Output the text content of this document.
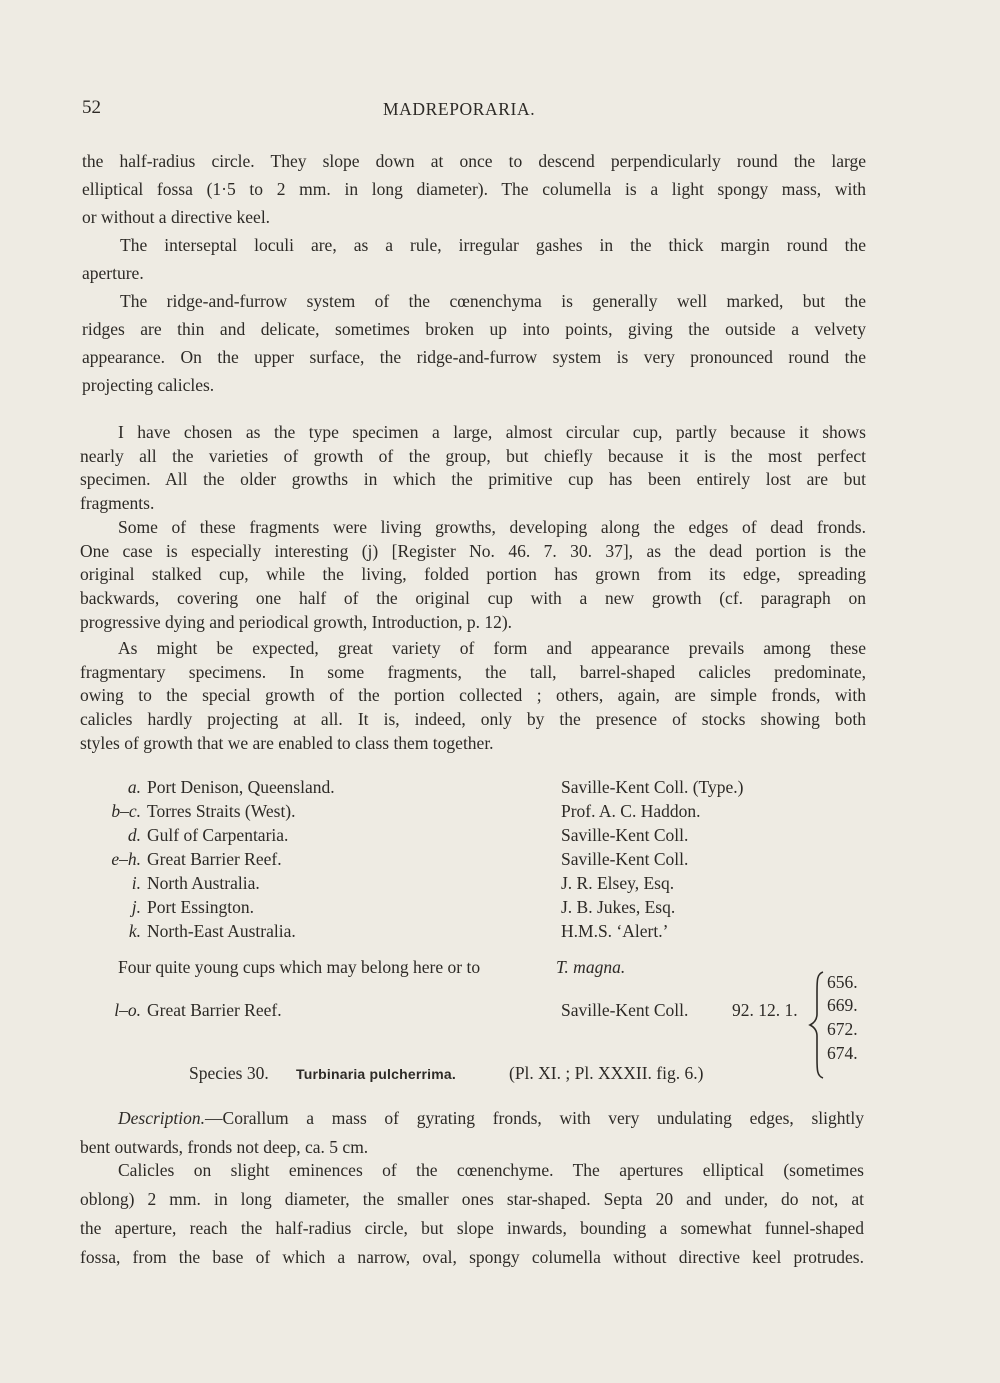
52	MADREPORARIA.
the half-radius circle. They slope down at once to descend perpendicularly round the large
elliptical fossa (1·5 to 2 mm. in long diameter). The columella is a light spongy mass, with
or without a directive keel.
The interseptal loculi are, as a rule, irregular gashes in the thick margin round the
aperture.
The ridge-and-furrow system of the cœnenchyma is generally well marked, but the
ridges are thin and delicate, sometimes broken up into points, giving the outside a velvety
appearance. On the upper surface, the ridge-and-furrow system is very pronounced round the
projecting calicles.
I have chosen as the type specimen a large, almost circular cup, partly because it shows
nearly all the varieties of growth of the group, but chiefly because it is the most perfect
specimen. All the older growths in which the primitive cup has been entirely lost are but
fragments.
Some of these fragments were living growths, developing along the edges of dead fronds.
One case is especially interesting (j) [Register No. 46. 7. 30. 37], as the dead portion is the
original stalked cup, while the living, folded portion has grown from its edge, spreading
backwards, covering one half of the original cup with a new growth (cf. paragraph on
progressive dying and periodical growth, Introduction, p. 12).
As might be expected, great variety of form and appearance prevails among these
fragmentary specimens. In some fragments, the tall, barrel-shaped calicles predominate,
owing to the special growth of the portion collected ; others, again, are simple fronds, with
calicles hardly projecting at all. It is, indeed, only by the presence of stocks showing both
styles of growth that we are enabled to class them together.
a. Port Denison, Queensland.	Saville-Kent Coll. (Type.)
b–c. Torres Straits (West).	Prof. A. C. Haddon.
d. Gulf of Carpentaria.	Saville-Kent Coll.
e–h. Great Barrier Reef.	Saville-Kent Coll.
i. North Australia.	J. R. Elsey, Esq.
j. Port Essington.	J. B. Jukes, Esq.
k. North-East Australia.	H.M.S. ‘Alert.’
Four quite young cups which may belong here or to	T. magna.
l–o. Great Barrier Reef.	Saville-Kent Coll. 92. 12. 1.
656.
669.
672.
674.
Species 30. Turbinaria pulcherrima.	(Pl. XI. ; Pl. XXXII. fig. 6.)
Description.—Corallum a mass of gyrating fronds, with very undulating edges, slightly
bent outwards, fronds not deep, ca. 5 cm.
Calicles on slight eminences of the cœnenchyme. The apertures elliptical (sometimes
oblong) 2 mm. in long diameter, the smaller ones star-shaped. Septa 20 and under, do not, at
the aperture, reach the half-radius circle, but slope inwards, bounding a somewhat funnel-shaped
fossa, from the base of which a narrow, oval, spongy columella without directive keel protrudes.
